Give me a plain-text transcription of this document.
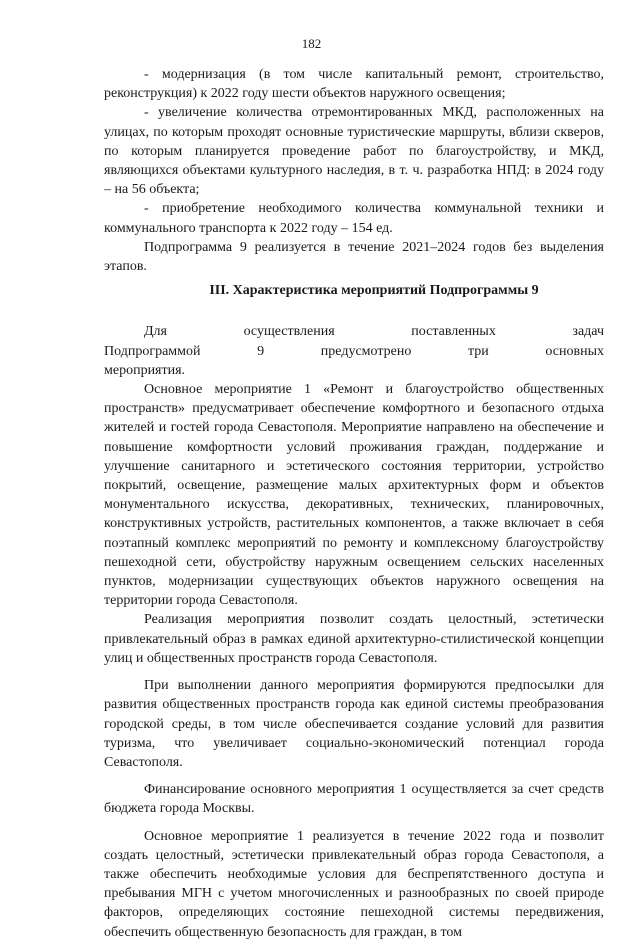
182

- модернизация (в том числе капитальный ремонт, строительство, реконструкция) к 2022 году шести объектов наружного освещения;

- увеличение количества отремонтированных МКД, расположенных на улицах, по которым проходят основные туристические маршруты, вблизи скверов, по которым планируется проведение работ по благоустройству, и МКД, являющихся объектами культурного наследия, в т. ч. разработка НПД: в 2024 году – на 56 объекта;

- приобретение необходимого количества коммунальной техники и коммунального транспорта к 2022 году – 154 ед.

Подпрограмма 9 реализуется в течение 2021–2024 годов без выделения этапов.

III. Характеристика мероприятий Подпрограммы 9

Для осуществления поставленных задач Подпрограммой 9 предусмотрено три основных мероприятия.

Основное мероприятие 1 «Ремонт и благоустройство общественных пространств» предусматривает обеспечение комфортного и безопасного отдыха жителей и гостей города Севастополя. Мероприятие направлено на обеспечение и повышение комфортности условий проживания граждан, поддержание и улучшение санитарного и эстетического состояния территории, устройство покрытий, освещение, размещение малых архитектурных форм и объектов монументального искусства, декоративных, технических, планировочных, конструктивных устройств, растительных компонентов, а также включает в себя поэтапный комплекс мероприятий по ремонту и комплексному благоустройству пешеходной сети, обустройству наружным освещением сельских населенных пунктов, модернизации существующих объектов наружного освещения на территории города Севастополя.

Реализация мероприятия позволит создать целостный, эстетически привлекательный образ в рамках единой архитектурно-стилистической концепции улиц и общественных пространств города Севастополя.

При выполнении данного мероприятия формируются предпосылки для развития общественных пространств города как единой системы преобразования городской среды, в том числе обеспечивается создание условий для развития туризма, что увеличивает социально-экономический потенциал города Севастополя.

Финансирование основного мероприятия 1 осуществляется за счет средств бюджета города Москвы.

Основное мероприятие 1 реализуется в течение 2022 года и позволит создать целостный, эстетически привлекательный образ города Севастополя, а также обеспечить необходимые условия для беспрепятственного доступа и пребывания МГН с учетом многочисленных и разнообразных по своей природе факторов, определяющих состояние пешеходной системы передвижения, обеспечить общественную безопасность для граждан, в том
